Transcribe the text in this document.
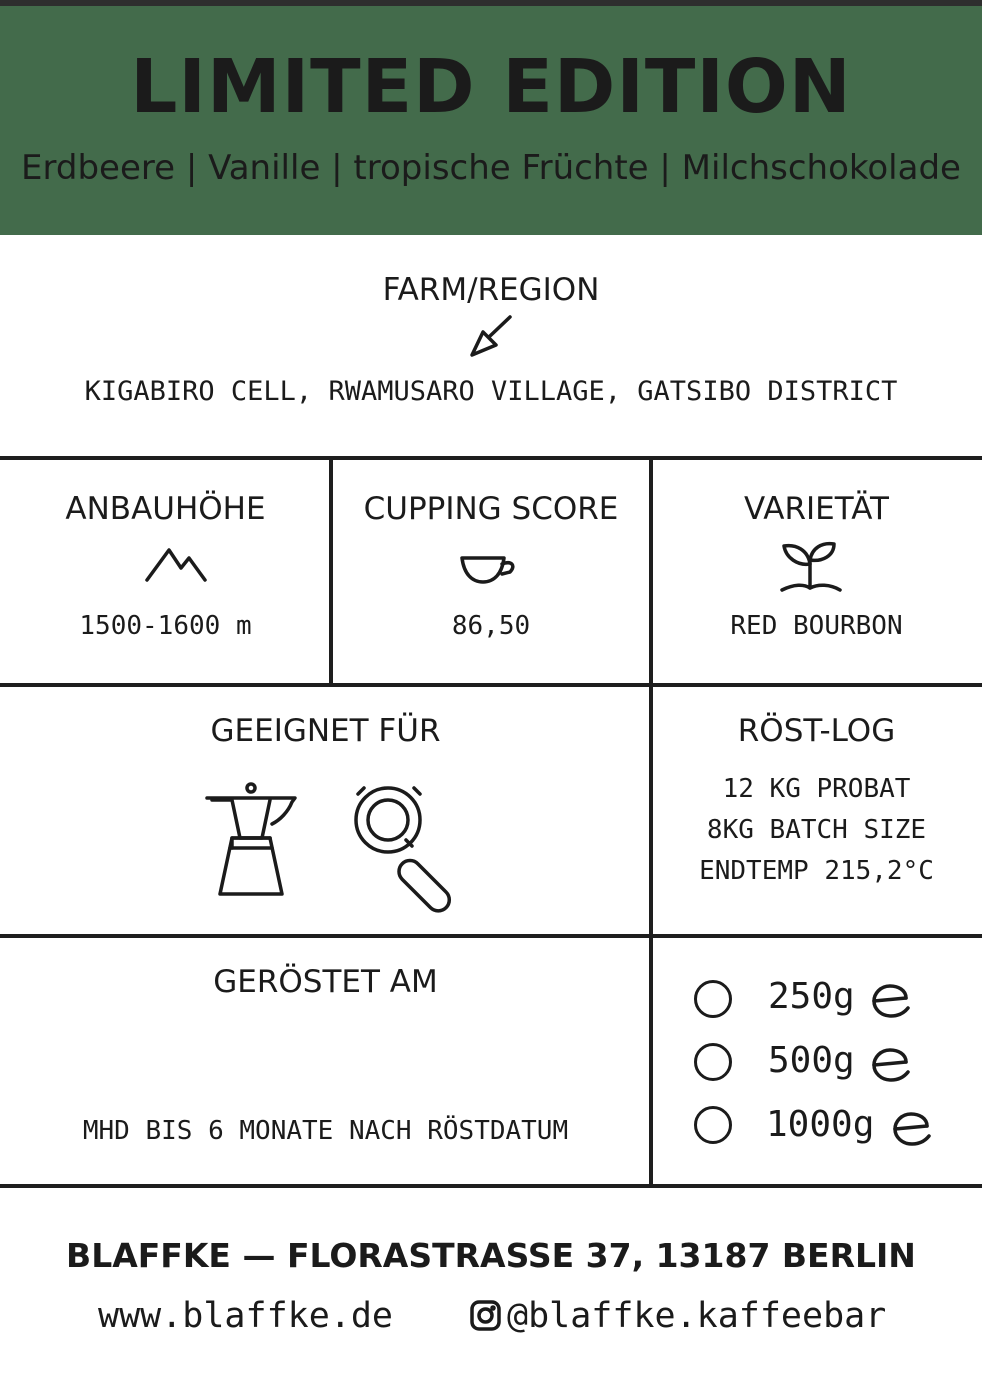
LIMITED EDITION
Erdbeere | Vanille | tropische Früchte | Milchschokolade
FARM/REGION
KIGABIRO CELL, RWAMUSARO VILLAGE, GATSIBO DISTRICT
ANBAUHÖHE
1500-1600 m
CUPPING SCORE
86,50
VARIETÄT
RED BOURBON
GEEIGNET FÜR	RÖST-LOG
12 KG PROBAT
8KG BATCH SIZE
ENDTEMP 215,2°C
GERÖSTET AM
MHD BIS 6 MONATE NACH RÖSTDATUM
250g
500g
1000g
BLAFFKE — FLORASTRASSE 37, 13187 BERLIN
www.blaffke.de	@blaffke.kaffeebar
